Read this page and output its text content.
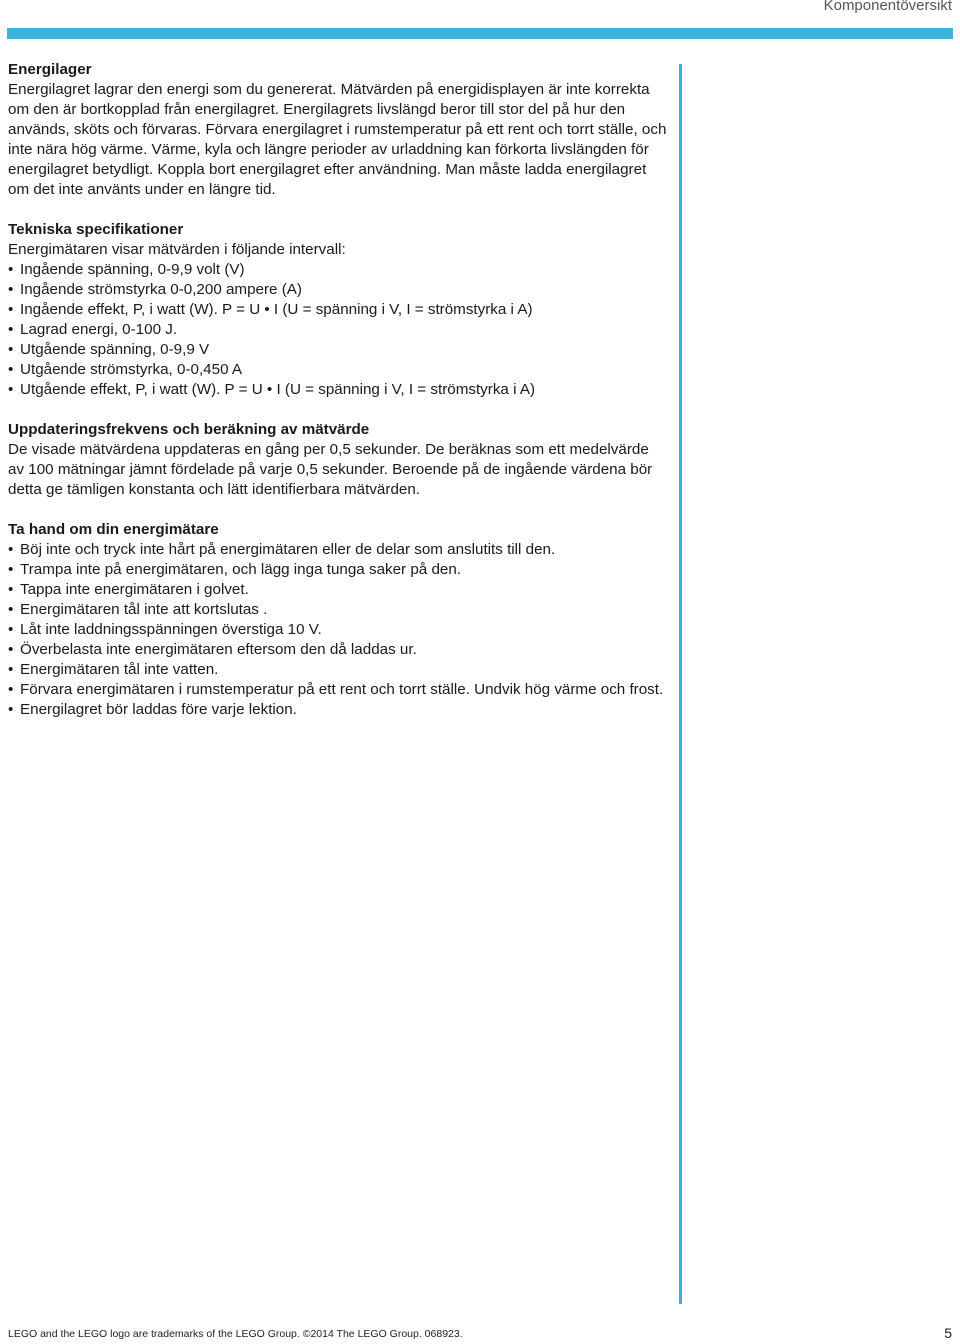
Komponentöversikt
Energilager

Energilagret lagrar den energi som du genererat. Mätvärden på energidisplayen är inte korrekta om den är bortkopplad från energilagret. Energilagrets livslängd beror till stor del på hur den används, sköts och förvaras. Förvara energilagret i rumstemperatur på ett rent och torrt ställe, och inte nära hög värme. Värme, kyla och längre perioder av urladdning kan förkorta livslängden för energilagret betydligt. Koppla bort energilagret efter användning. Man måste ladda energilagret om det inte använts under en längre tid.

Tekniska specifikationer

Energimätaren visar mätvärden i följande intervall:

• Ingående spänning, 0-9,9 volt (V)
• Ingående strömstyrka 0-0,200 ampere (A)
• Ingående effekt, P, i watt (W). P = U • I (U = spänning i V, I = strömstyrka i A)
• Lagrad energi, 0-100 J.
• Utgående spänning, 0-9,9 V
• Utgående strömstyrka, 0-0,450 A
• Utgående effekt, P, i watt (W). P = U • I (U = spänning i V, I = strömstyrka i A)
Uppdateringsfrekvens och beräkning av mätvärde

De visade mätvärdena uppdateras en gång per 0,5 sekunder. De beräknas som ett medelvärde av 100 mätningar jämnt fördelade på varje 0,5 sekunder. Beroende på de ingående värdena bör detta ge tämligen konstanta och lätt identifierbara mätvärden.

Ta hand om din energimätare
• Böj inte och tryck inte hårt på energimätaren eller de delar som anslutits till den.
• Trampa inte på energimätaren, och lägg inga tunga saker på den.
• Tappa inte energimätaren i golvet.
• Energimätaren tål inte att kortslutas .
• Låt inte laddningsspänningen överstiga 10 V.
• Överbelasta inte energimätaren eftersom den då laddas ur.
• Energimätaren tål inte vatten.
• Förvara energimätaren i rumstemperatur på ett rent och torrt ställe. Undvik hög värme och frost.
• Energilagret bör laddas före varje lektion.
LEGO and the LEGO logo are trademarks of the LEGO Group. ©2014 The LEGO Group. 068923.	5
